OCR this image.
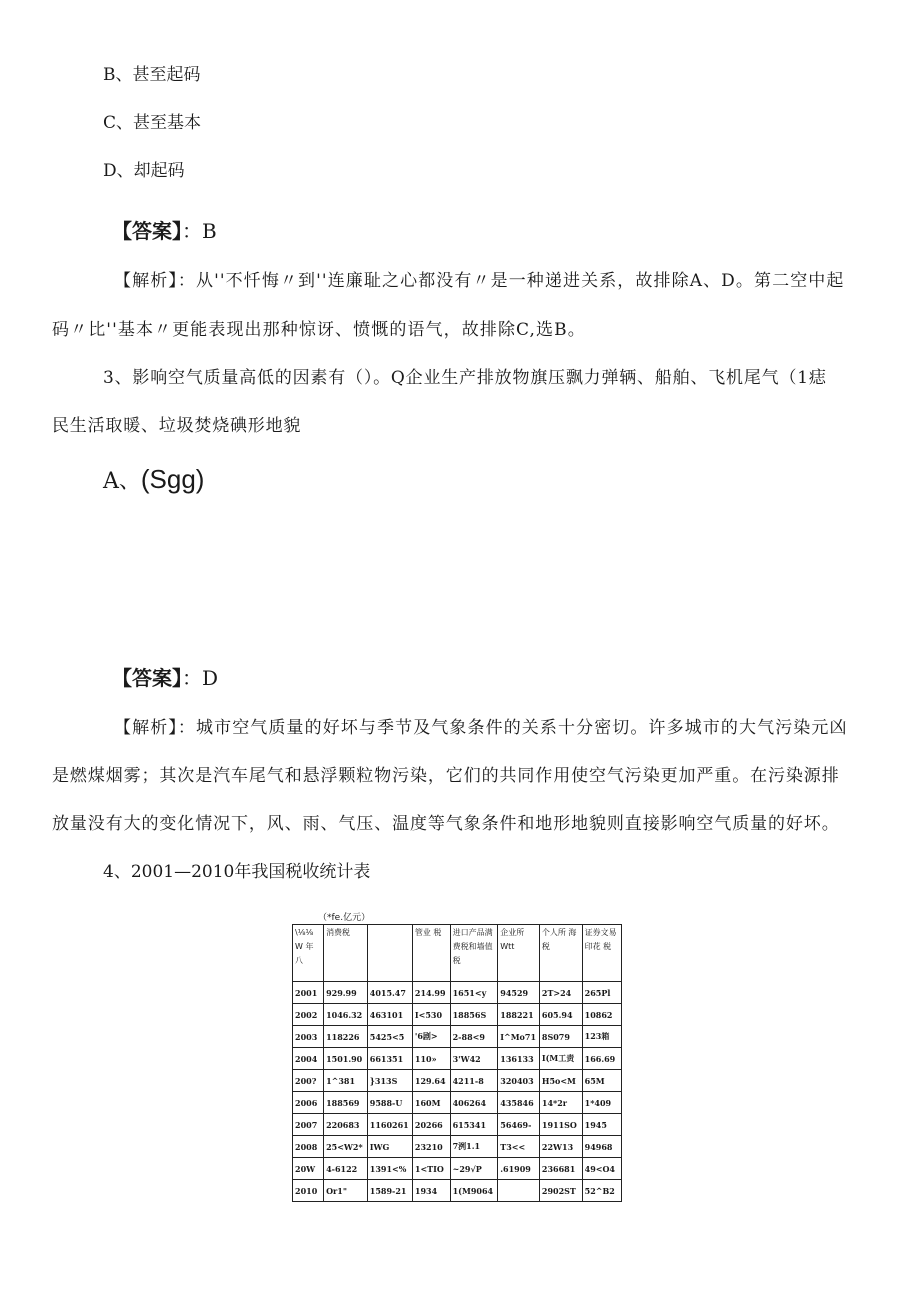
B、甚至起码
C、甚至基本
D、却起码
【答案】：B
【解析】：从''不忏悔〃到''连廉耻之心都没有〃是一种递进关系，故排除A、D。第二空中起
码〃比''基本〃更能表现出那种惊讶、愤慨的语气，故排除C,选B。
3、影响空气质量高低的因素有（）。Q企业生产排放物旗压飘力弹辆、船舶、飞机尾气（1痣
民生活取暖、垃圾焚烧碘形地貌
A、(Sgg)
【答案】：D
【解析】：城市空气质量的好坏与季节及气象条件的关系十分密切。许多城市的大气污染元凶
是燃煤烟雾；其次是汽车尾气和悬浮颗粒物污染，它们的共同作用使空气污染更加严重。在污染源排
放量没有大的变化情况下，风、雨、气压、温度等气象条件和地形地貌则直接影响空气质量的好坏。
4、2001—2010年我国税收统计表
（*fe.亿元）
\⅛⅛ W 年八	消费税		管业 税	进口产品满费税和墙值 税	企业所 Wtt	个人所 海税	证券文易 印花 税
2001	929.99	4015.47	214.99	1651<y	94529	2T>24	265Pl
2002	1046.32	463101	I<530	18856S	188221	605.94	10862
2003	118226	5425<5	'6剧>	2-88<9	I^Mo71	8S079	123箱
2004	1501.90	661351	110»	3'W42	136133	I(M工责	166.69
200?	1^381	}313S	129.64	4211-8	320403	H5o<M	65M
2006	188569	9588-U	160M	406264	435846	14*2r	1*409
2007	220683	1160261	20266	615341	56469-	1911SO	1945
2008	25<W2*	IWG	23210	7洌1.1	T3<<	22W13	94968
20W	4-6122	1391<%	1<TIO	~29√P	.61909	236681	49<O4
2010	Or1"	1589-21	1934	1(M9064		2902ST	52^B2
